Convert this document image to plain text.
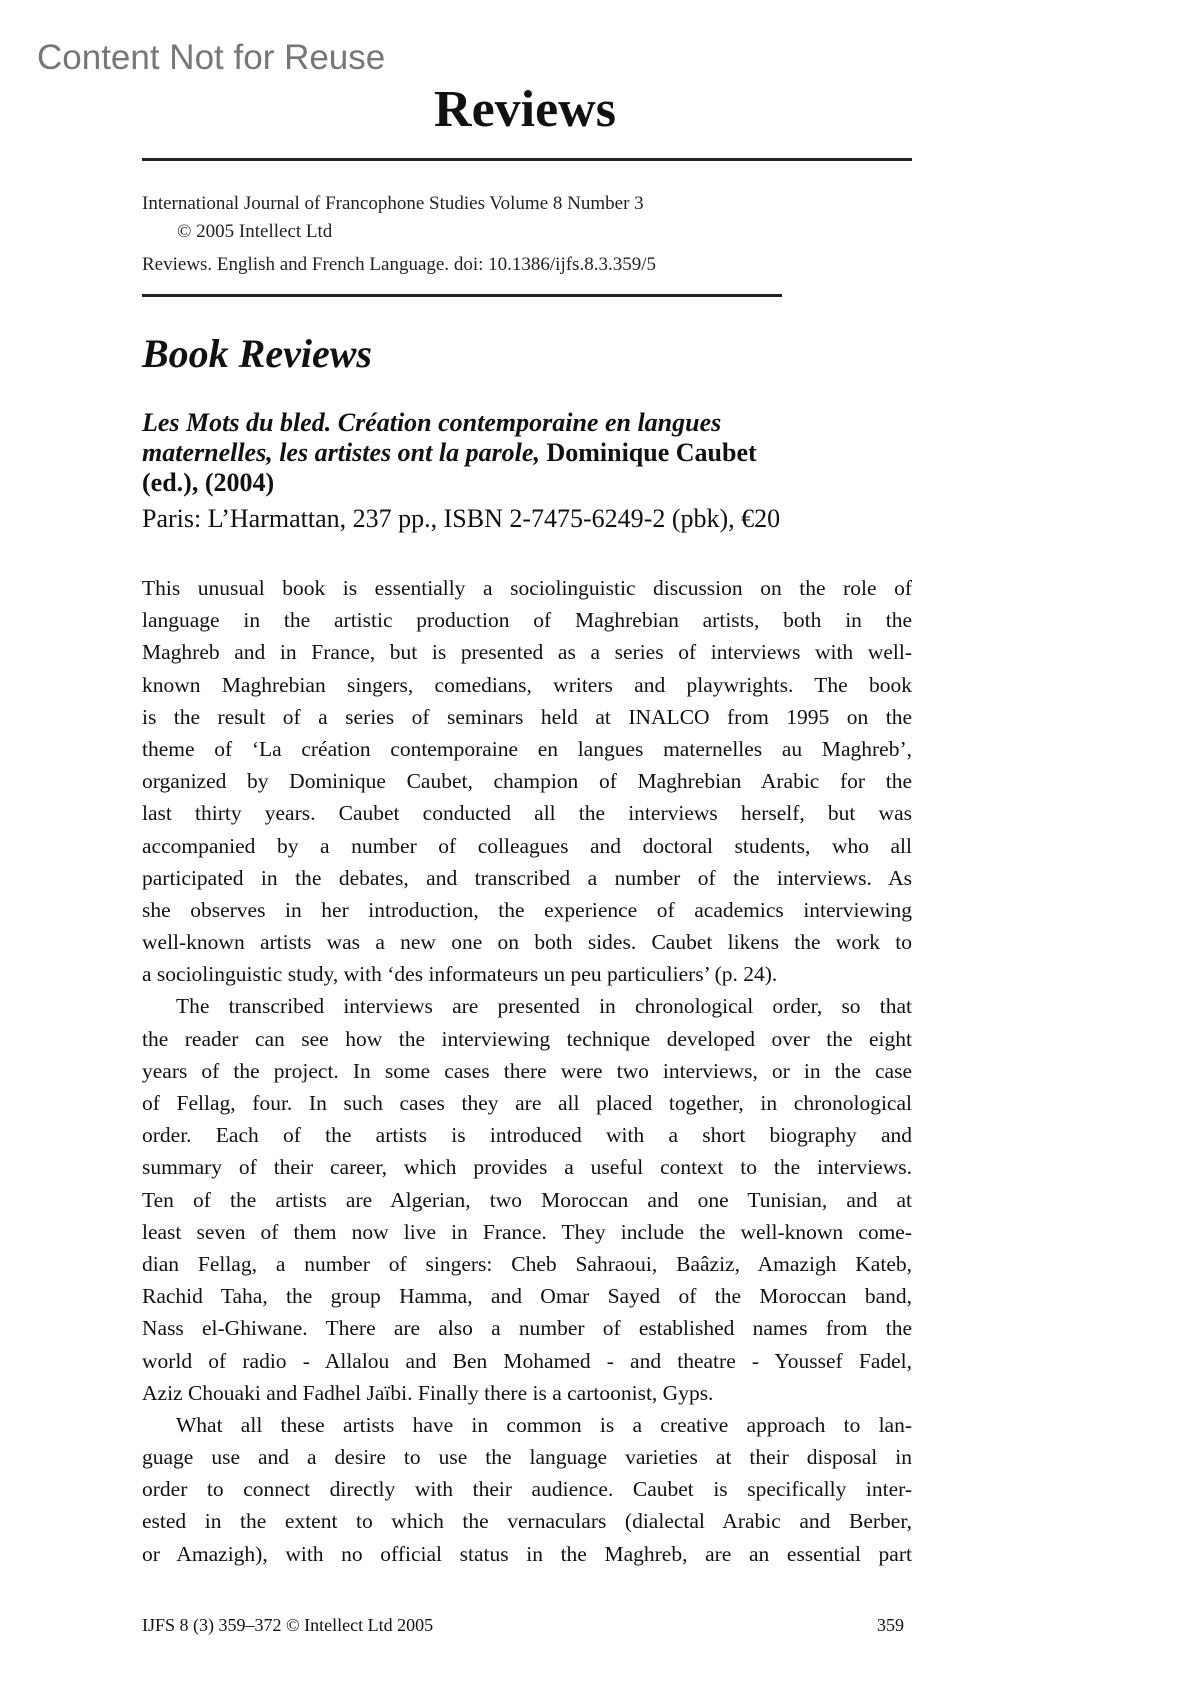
Content Not for Reuse
Reviews
International Journal of Francophone Studies Volume 8 Number 3
© 2005 Intellect Ltd
Reviews. English and French Language. doi: 10.1386/ijfs.8.3.359/5
Book Reviews
Les Mots du bled. Création contemporaine en langues
maternelles, les artistes ont la parole, Dominique Caubet
(ed.), (2004)
Paris: L’Harmattan, 237 pp., ISBN 2-7475-6249-2 (pbk), €20
This unusual book is essentially a sociolinguistic discussion on the role of
language in the artistic production of Maghrebian artists, both in the
Maghreb and in France, but is presented as a series of interviews with well-
known Maghrebian singers, comedians, writers and playwrights. The book
is the result of a series of seminars held at INALCO from 1995 on the
theme of ‘La création contemporaine en langues maternelles au Maghreb’,
organized by Dominique Caubet, champion of Maghrebian Arabic for the
last thirty years. Caubet conducted all the interviews herself, but was
accompanied by a number of colleagues and doctoral students, who all
participated in the debates, and transcribed a number of the interviews. As
she observes in her introduction, the experience of academics interviewing
well-known artists was a new one on both sides. Caubet likens the work to
a sociolinguistic study, with ‘des informateurs un peu particuliers’ (p. 24).
The transcribed interviews are presented in chronological order, so that
the reader can see how the interviewing technique developed over the eight
years of the project. In some cases there were two interviews, or in the case
of Fellag, four. In such cases they are all placed together, in chronological
order. Each of the artists is introduced with a short biography and
summary of their career, which provides a useful context to the interviews.
Ten of the artists are Algerian, two Moroccan and one Tunisian, and at
least seven of them now live in France. They include the well-known come-
dian Fellag, a number of singers: Cheb Sahraoui, Baâziz, Amazigh Kateb,
Rachid Taha, the group Hamma, and Omar Sayed of the Moroccan band,
Nass el-Ghiwane. There are also a number of established names from the
world of radio - Allalou and Ben Mohamed - and theatre - Youssef Fadel,
Aziz Chouaki and Fadhel Jaïbi. Finally there is a cartoonist, Gyps.
What all these artists have in common is a creative approach to lan-
guage use and a desire to use the language varieties at their disposal in
order to connect directly with their audience. Caubet is specifically inter-
ested in the extent to which the vernaculars (dialectal Arabic and Berber,
or Amazigh), with no official status in the Maghreb, are an essential part
IJFS 8 (3) 359–372 © Intellect Ltd 2005	359
